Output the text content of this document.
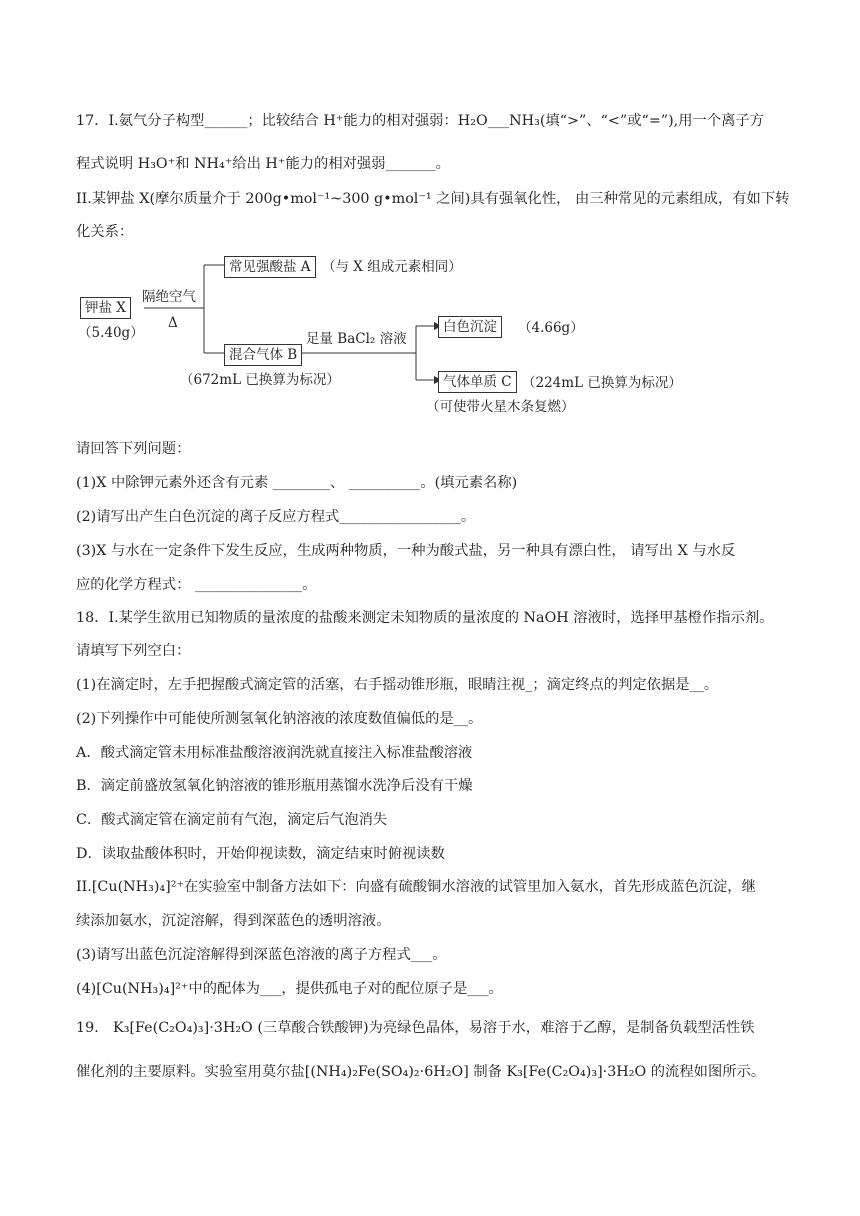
17．I.氨气分子构型______；比较结合 H⁺能力的相对强弱：H₂O___NH₃(填“>”、“<”或“=”),用一个离子方
程式说明 H₃O⁺和 NH₄⁺给出 H⁺能力的相对强弱_______。
II.某钾盐 X(摩尔质量介于 200g•mol⁻¹~300 g•mol⁻¹ 之间)具有强氧化性， 由三种常见的元素组成，有如下转
化关系：
钾盐 X
（5.40g）
隔绝空气
Δ
常见强酸盐 A （与 X 组成元素相同）
混合气体 B
（672mL 已换算为标况）
足量 BaCl₂ 溶液
白色沉淀	（4.66g）
气体单质 C （224mL 已换算为标况）
（可使带火星木条复燃）
请回答下列问题：
(1)X 中除钾元素外还含有元素 ________、 __________。(填元素名称)
(2)请写出产生白色沉淀的离子反应方程式_________________。
(3)X 与水在一定条件下发生反应，生成两种物质，一种为酸式盐，另一种具有漂白性， 请写出 X 与水反
应的化学方程式： _______________。
18．I.某学生欲用已知物质的量浓度的盐酸来测定未知物质的量浓度的 NaOH 溶液时，选择甲基橙作指示剂。
请填写下列空白：
(1)在滴定时，左手把握酸式滴定管的活塞，右手摇动锥形瓶，眼睛注视_；滴定终点的判定依据是__。
(2)下列操作中可能使所测氢氧化钠溶液的浓度数值偏低的是__。
A．酸式滴定管未用标准盐酸溶液润洗就直接注入标准盐酸溶液
B．滴定前盛放氢氧化钠溶液的锥形瓶用蒸馏水洗净后没有干燥
C．酸式滴定管在滴定前有气泡，滴定后气泡消失
D．读取盐酸体积时，开始仰视读数，滴定结束时俯视读数
II.[Cu(NH₃)₄]²⁺在实验室中制备方法如下：向盛有硫酸铜水溶液的试管里加入氨水，首先形成蓝色沉淀，继
续添加氨水，沉淀溶解，得到深蓝色的透明溶液。
(3)请写出蓝色沉淀溶解得到深蓝色溶液的离子方程式___。
(4)[Cu(NH₃)₄]²⁺中的配体为___，提供孤电子对的配位原子是___。
19． K₃[Fe(C₂O₄)₃]·3H₂O (三草酸合铁酸钾)为亮绿色晶体，易溶于水，难溶于乙醇，是制备负载型活性铁
催化剂的主要原料。实验室用莫尔盐[(NH₄)₂Fe(SO₄)₂·6H₂O] 制备 K₃[Fe(C₂O₄)₃]·3H₂O 的流程如图所示。
